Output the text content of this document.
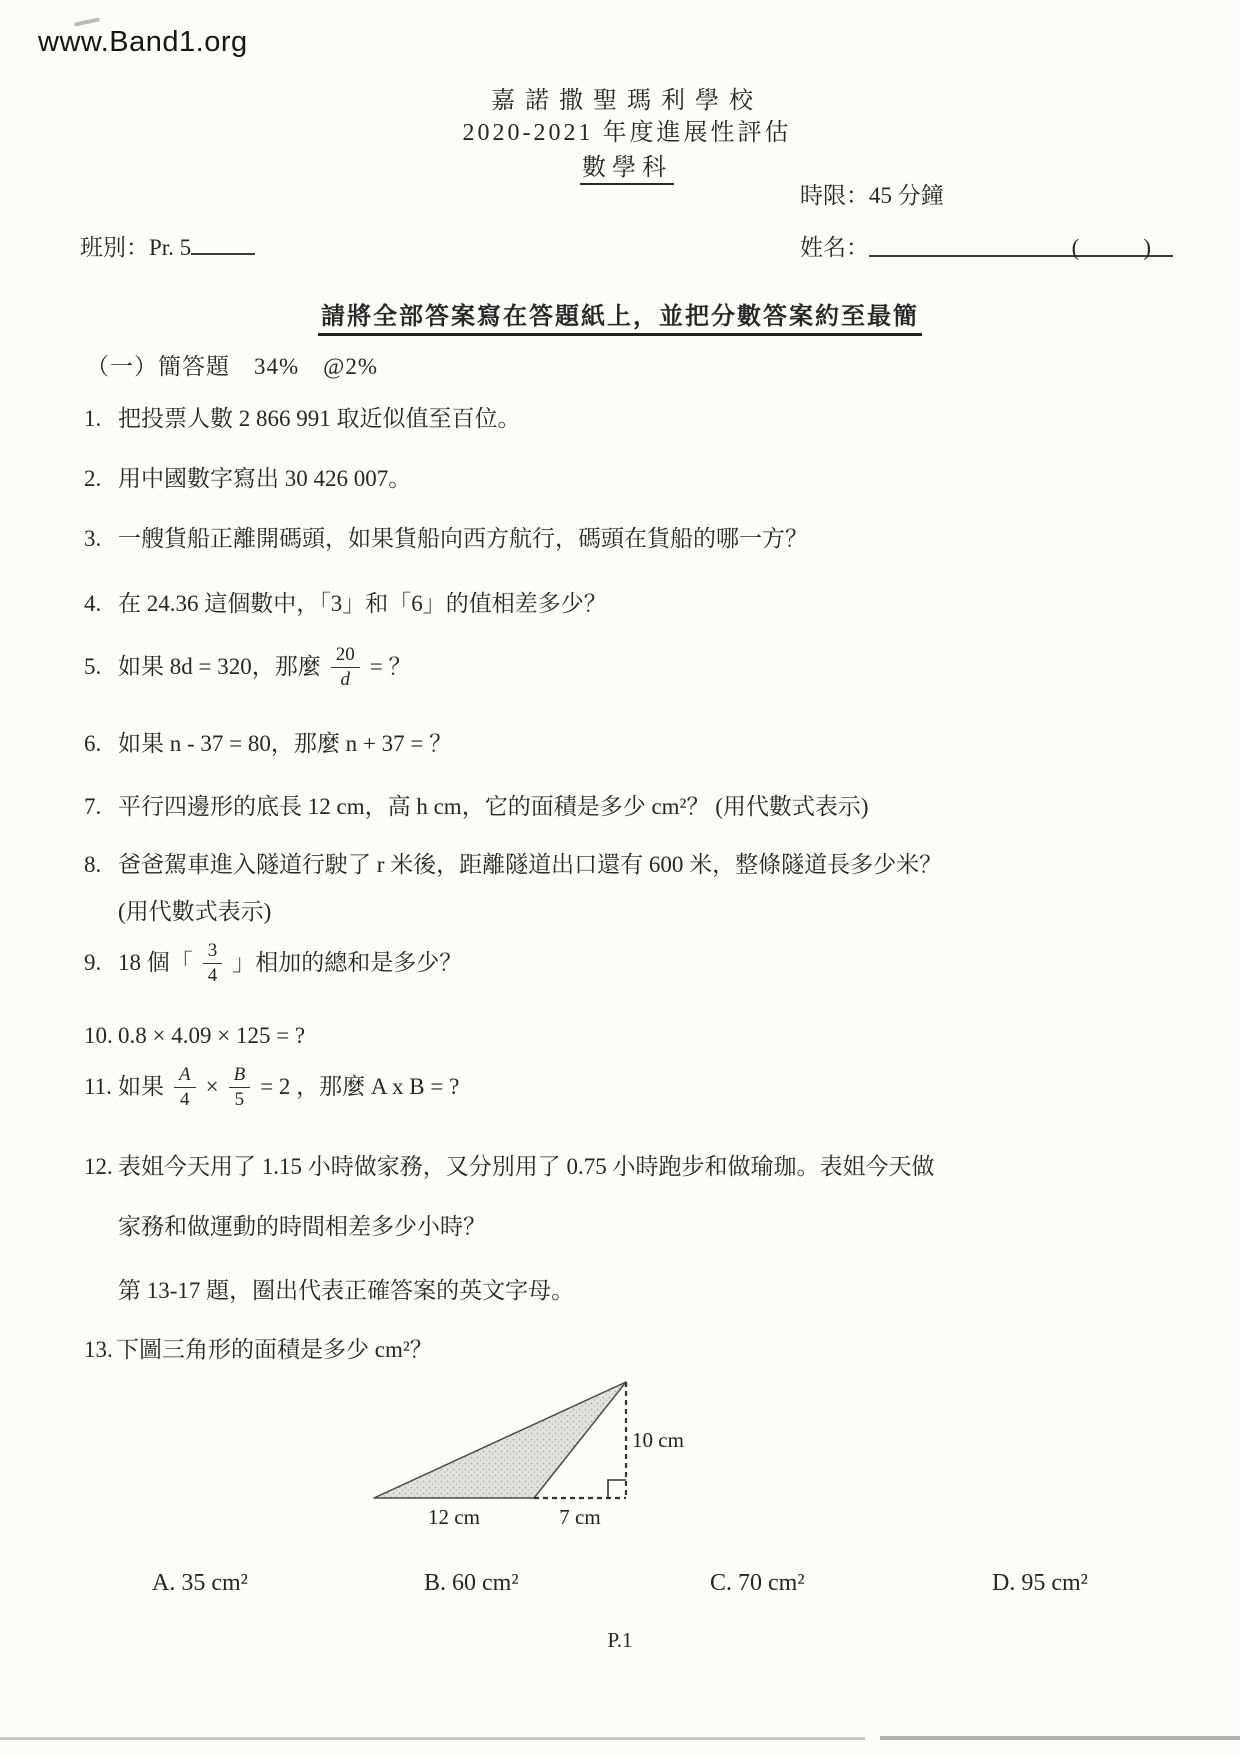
www.Band1.org
嘉諾撒聖瑪利學校
2020-2021 年度進展性評估
數學科
時限：45 分鐘
班別：Pr. 5	姓名：	(　　)
請將全部答案寫在答題紙上，並把分數答案約至最簡
（一）簡答題　34%　@2%
1. 把投票人數 2 866 991 取近似值至百位。
2. 用中國數字寫出 30 426 007。
3. 一艘貨船正離開碼頭，如果貨船向西方航行，碼頭在貨船的哪一方？
4. 在 24.36 這個數中，「3」和「6」的值相差多少？
5. 如果 8d = 320，那麼 $\frac{20}{d}$ = ？
6. 如果 n - 37 = 80，那麼 n + 37 = ？
7. 平行四邊形的底長 12 cm，高 h cm，它的面積是多少 cm²？ (用代數式表示)
8. 爸爸駕車進入隧道行駛了 r 米後，距離隧道出口還有 600 米，整條隧道長多少米？
(用代數式表示)
9. 18 個「 $\frac{3}{4}$ 」相加的總和是多少？
10. 0.8 × 4.09 × 125 = ?
11. 如果 $\frac{A}{4} \times \frac{B}{5} = 2$ ，那麼 A x B = ?
12. 表姐今天用了 1.15 小時做家務，又分別用了 0.75 小時跑步和做瑜珈。表姐今天做
家務和做運動的時間相差多少小時？
第 13-17 題，圈出代表正確答案的英文字母。
13. 下圖三角形的面積是多少 cm²？
10 cm
12 cm	7 cm
A. 35 cm²	B. 60 cm²	C. 70 cm²	D. 95 cm²
P.1
